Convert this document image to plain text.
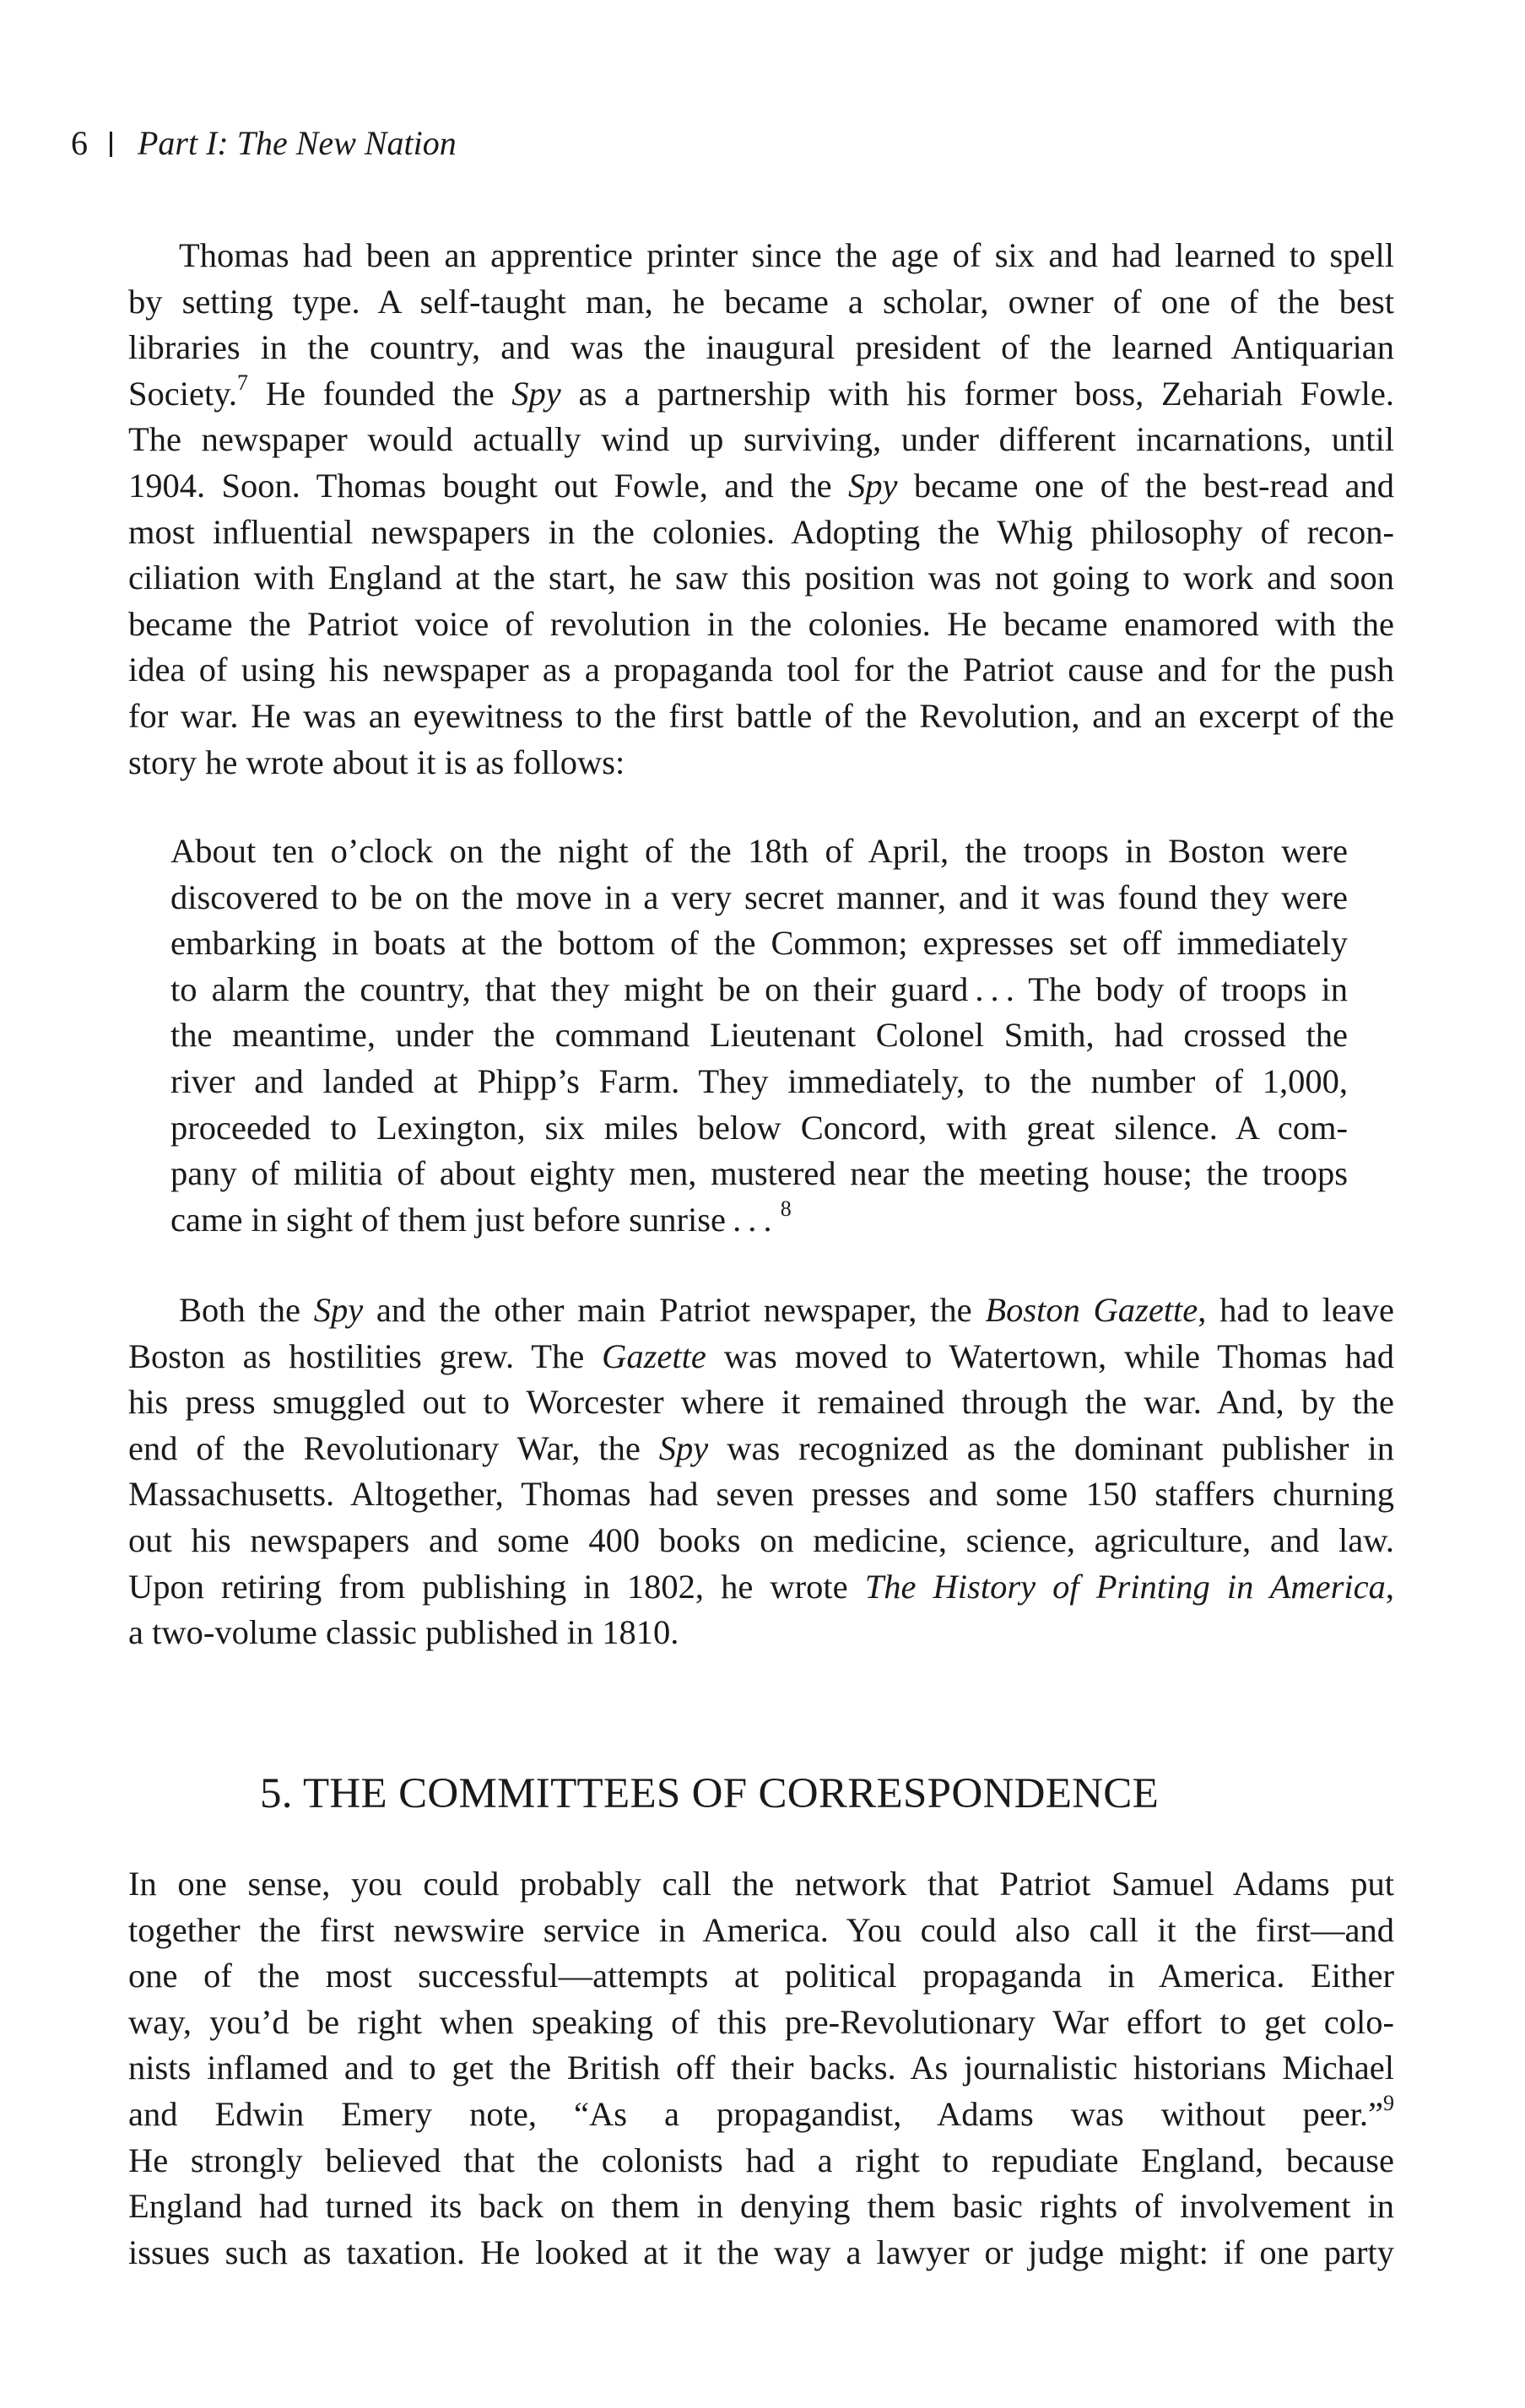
6 Part I: The New Nation
Thomas had been an apprentice printer since the age of six and had learned to spell
by setting type. A self-taught man, he became a scholar, owner of one of the best
libraries in the country, and was the inaugural president of the learned Antiquarian
Society.$^7$ He founded the Spy as a partnership with his former boss, Zehariah Fowle.
The newspaper would actually wind up surviving, under different incarnations, until
1904. Soon. Thomas bought out Fowle, and the Spy became one of the best-read and
most influential newspapers in the colonies. Adopting the Whig philosophy of recon-
ciliation with England at the start, he saw this position was not going to work and soon
became the Patriot voice of revolution in the colonies. He became enamored with the
idea of using his newspaper as a propaganda tool for the Patriot cause and for the push
for war. He was an eyewitness to the first battle of the Revolution, and an excerpt of the
story he wrote about it is as follows:
About ten o’clock on the night of the 18th of April, the troops in Boston were
discovered to be on the move in a very secret manner, and it was found they were
embarking in boats at the bottom of the Common; expresses set off immediately
to alarm the country, that they might be on their guard . . . The body of troops in
the meantime, under the command Lieutenant Colonel Smith, had crossed the
river and landed at Phipp’s Farm. They immediately, to the number of 1,000,
proceeded to Lexington, six miles below Concord, with great silence. A com-
pany of militia of about eighty men, mustered near the meeting house; the troops
came in sight of them just before sunrise . . . $^8$
Both the Spy and the other main Patriot newspaper, the Boston Gazette, had to leave
Boston as hostilities grew. The Gazette was moved to Watertown, while Thomas had
his press smuggled out to Worcester where it remained through the war. And, by the
end of the Revolutionary War, the Spy was recognized as the dominant publisher in
Massachusetts. Altogether, Thomas had seven presses and some 150 staffers churning
out his newspapers and some 400 books on medicine, science, agriculture, and law.
Upon retiring from publishing in 1802, he wrote The History of Printing in America,
a two-volume classic published in 1810.
5. THE COMMITTEES OF CORRESPONDENCE
In one sense, you could probably call the network that Patriot Samuel Adams put
together the first newswire service in America. You could also call it the first—and
one of the most successful—attempts at political propaganda in America. Either
way, you’d be right when speaking of this pre-Revolutionary War effort to get colo-
nists inflamed and to get the British off their backs. As journalistic historians Michael
and Edwin Emery note, “As a propagandist, Adams was without peer.”$^9$
He strongly believed that the colonists had a right to repudiate England, because
England had turned its back on them in denying them basic rights of involvement in
issues such as taxation. He looked at it the way a lawyer or judge might: if one party
